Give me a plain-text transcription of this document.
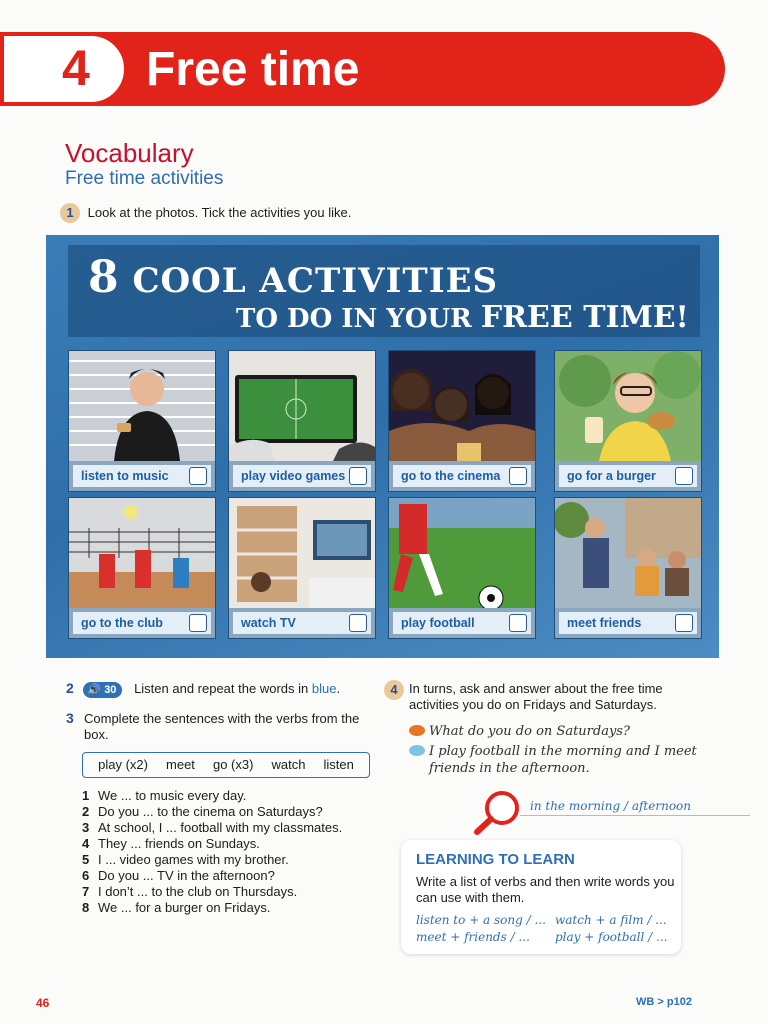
4	Free time
Vocabulary
Free time activities
1 Look at the photos. Tick the activities you like.
8 COOL ACTIVITIES
TO DO IN YOUR FREE TIME!
listen to music	play video games	go to the cinema	go for a burger
go to the club	watch TV	play football	meet friends
2 🔊 30 Listen and repeat the words in blue.
3 Complete the sentences with the verbs from the box.
play (x2)     meet     go (x3)     watch     listen
1 We ... to music every day.
2 Do you ... to the cinema on Saturdays?
3 At school, I ... football with my classmates.
4 They ... friends on Sundays.
5 I ... video games with my brother.
6 Do you ... TV in the afternoon?
7 I don’t ... to the club on Thursdays.
8 We ... for a burger on Fridays.
4 In turns, ask and answer about the free time activities you do on Fridays and Saturdays.
What do you do on Saturdays?
I play football in the morning and I meet
friends in the afternoon.
in the morning / afternoon
LEARNING TO LEARN
Write a list of verbs and then write words you can use with them.
listen to + a song / ... watch + a film / ...
meet + friends / ... play + football / ...
46	WB > p102
